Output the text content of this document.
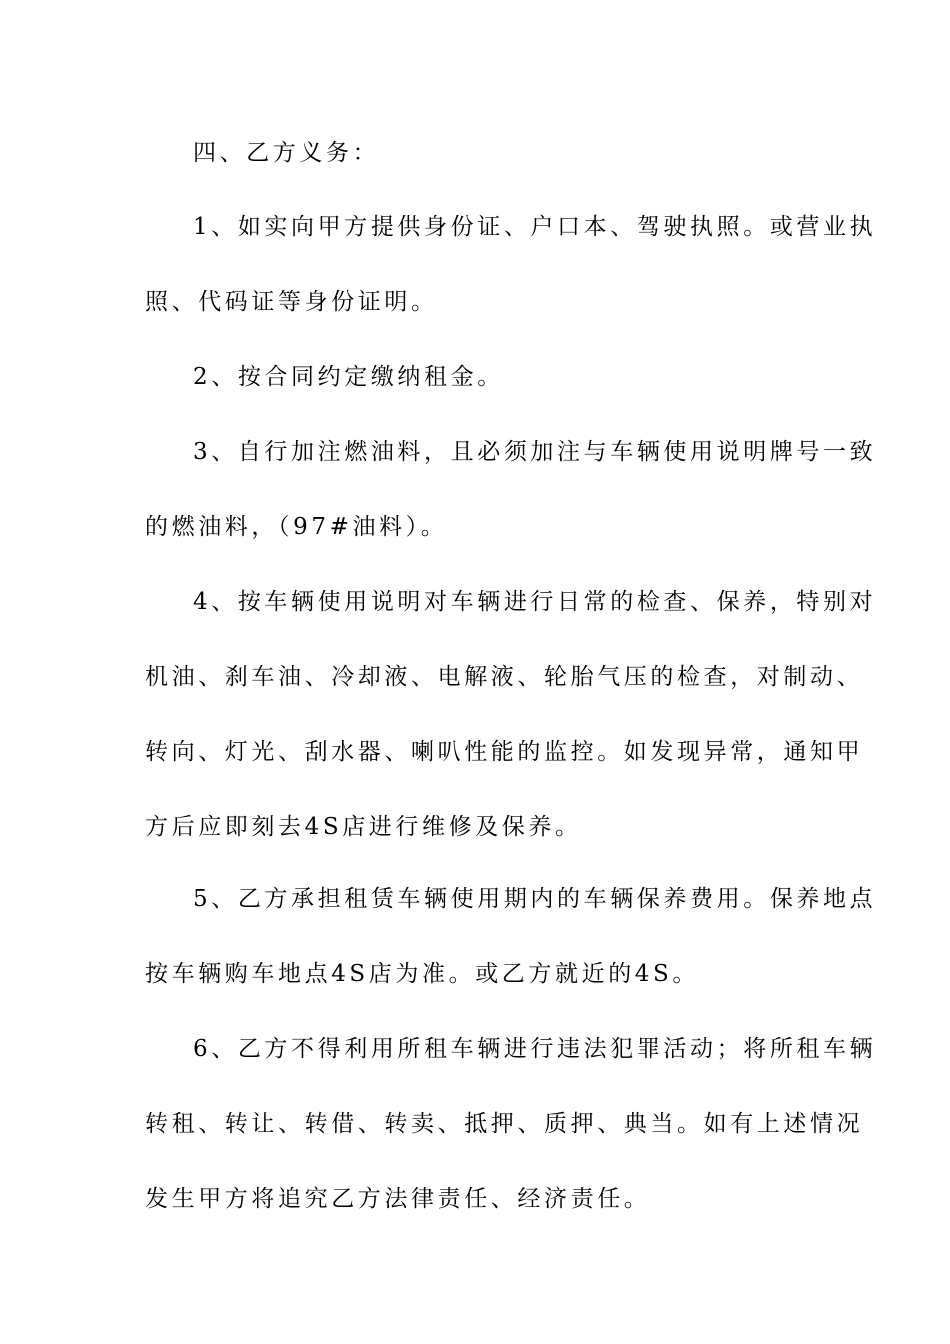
四、乙方义务：
1、如实向甲方提供身份证、户口本、驾驶执照。或营业执
照、代码证等身份证明。
2、按合同约定缴纳租金。
3、自行加注燃油料，且必须加注与车辆使用说明牌号一致
的燃油料，（97#油料）。
4、按车辆使用说明对车辆进行日常的检查、保养，特别对
机油、刹车油、冷却液、电解液、轮胎气压的检查，对制动、
转向、灯光、刮水器、喇叭性能的监控。如发现异常，通知甲
方后应即刻去4S店进行维修及保养。
5、乙方承担租赁车辆使用期内的车辆保养费用。保养地点
按车辆购车地点4S店为准。或乙方就近的4S。
6、乙方不得利用所租车辆进行违法犯罪活动；将所租车辆
转租、转让、转借、转卖、抵押、质押、典当。如有上述情况
发生甲方将追究乙方法律责任、经济责任。
